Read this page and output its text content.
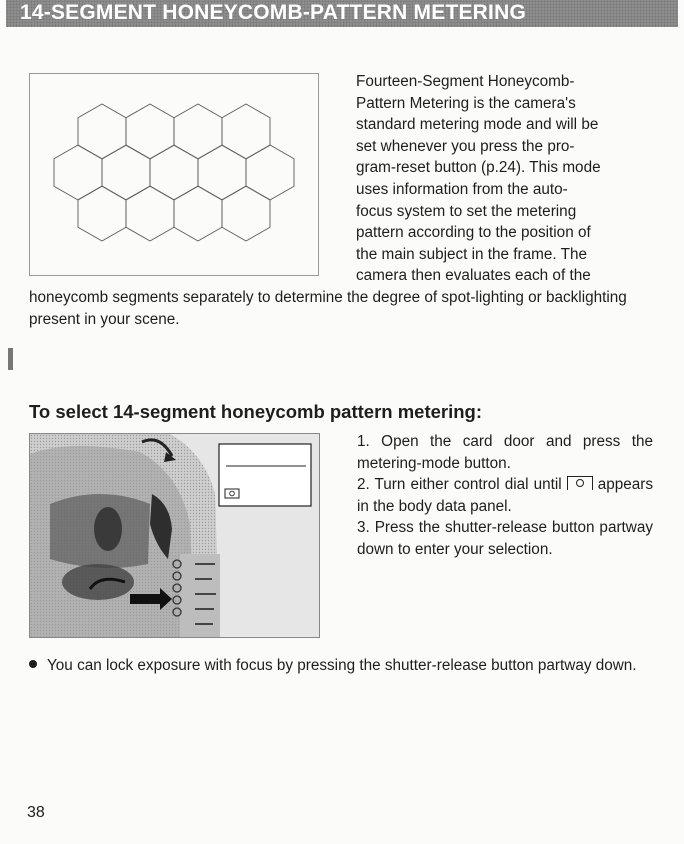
14-SEGMENT HONEYCOMB-PATTERN METERING
Fourteen-Segment Honeycomb-
Pattern Metering is the camera's
standard metering mode and will be
set whenever you press the pro-
gram-reset button (p.24). This mode
uses information from the auto-
focus system to set the metering
pattern according to the position of
the main subject in the frame. The
camera then evaluates each of the

honeycomb segments separately to determine the degree of spot-lighting or backlighting present in your scene.

To select 14-segment honeycomb pattern metering:
1. Open the card door and press the metering-mode button.
2. Turn either control dial until appears in the body data panel.
3. Press the shutter-release button partway down to enter your selection.

You can lock exposure with focus by pressing the shutter-release button partway down.

38
